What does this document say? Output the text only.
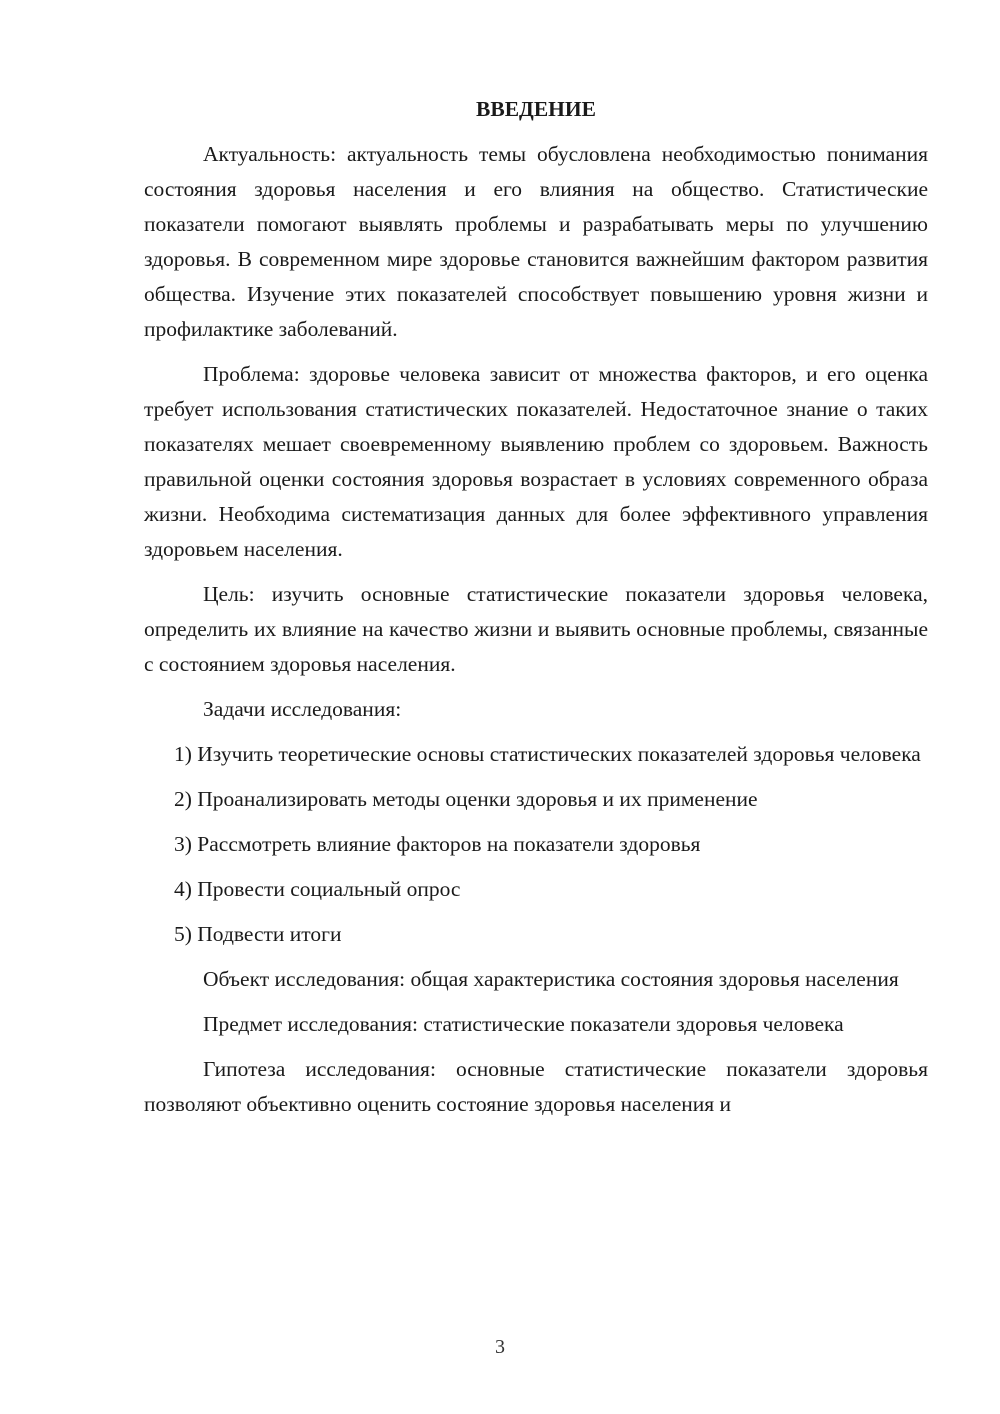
ВВЕДЕНИЕ

Актуальность: актуальность темы обусловлена необходимостью понимания состояния здоровья населения и его влияния на общество. Статистические показатели помогают выявлять проблемы и разрабатывать меры по улучшению здоровья. В современном мире здоровье становится важнейшим фактором развития общества. Изучение этих показателей способствует повышению уровня жизни и профилактике заболеваний.

Проблема: здоровье человека зависит от множества факторов, и его оценка требует использования статистических показателей. Недостаточное знание о таких показателях мешает своевременному выявлению проблем со здоровьем. Важность правильной оценки состояния здоровья возрастает в условиях современного образа жизни. Необходима систематизация данных для более эффективного управления здоровьем населения.

Цель: изучить основные статистические показатели здоровья человека, определить их влияние на качество жизни и выявить основные проблемы, связанные с состоянием здоровья населения.

Задачи исследования:

1) Изучить теоретические основы статистических показателей здоровья человека

2) Проанализировать методы оценки здоровья и их применение

3) Рассмотреть влияние факторов на показатели здоровья

4) Провести социальный опрос

5) Подвести итоги

Объект исследования: общая характеристика состояния здоровья населения

Предмет исследования: статистические показатели здоровья человека

Гипотеза исследования: основные статистические показатели здоровья позволяют объективно оценить состояние здоровья населения и

3
